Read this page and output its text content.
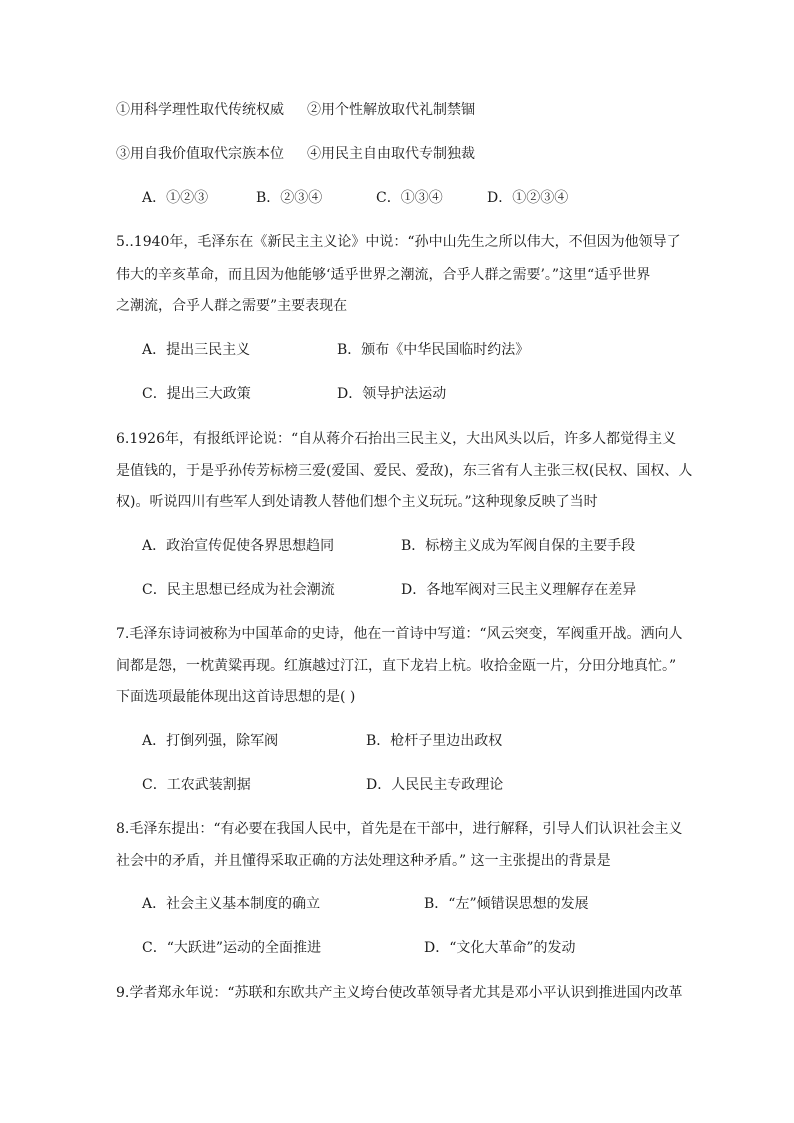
①用科学理性取代传统权威 ②用个性解放取代礼制禁锢
③用自我价值取代宗族本位 ④用民主自由取代专制独裁
A．①②③	B．②③④	C．①③④	D．①②③④
5..1940年，毛泽东在《新民主主义论》中说：“孙中山先生之所以伟大，不但因为他领导了
伟大的辛亥革命，而且因为他能够‘适乎世界之潮流，合乎人群之需要’。”这里“适乎世界
之潮流，合乎人群之需要”主要表现在
A．提出三民主义	B．颁布《中华民国临时约法》
C．提出三大政策	D．领导护法运动
6.1926年，有报纸评论说：“自从蒋介石抬出三民主义，大出风头以后，许多人都觉得主义
是值钱的，于是乎孙传芳标榜三爱(爱国、爱民、爱敌)，东三省有人主张三权(民权、国权、人
权)。听说四川有些军人到处请教人替他们想个主义玩玩。”这种现象反映了当时
A．政治宣传促使各界思想趋同	B．标榜主义成为军阀自保的主要手段
C．民主思想已经成为社会潮流	D．各地军阀对三民主义理解存在差异
7.毛泽东诗词被称为中国革命的史诗，他在一首诗中写道：“风云突变，军阀重开战。洒向人
间都是怨，一枕黄粱再现。红旗越过汀江，直下龙岩上杭。收拾金瓯一片，分田分地真忙。”
下面选项最能体现出这首诗思想的是( )
A．打倒列强，除军阀	B．枪杆子里边出政权
C．工农武装割据	D．人民民主专政理论
8.毛泽东提出：“有必要在我国人民中，首先是在干部中，进行解释，引导人们认识社会主义
社会中的矛盾，并且懂得采取正确的方法处理这种矛盾。” 这一主张提出的背景是
A．社会主义基本制度的确立	B．“左”倾错误思想的发展
C．“大跃进”运动的全面推进	D．“文化大革命”的发动
9.学者郑永年说：“苏联和东欧共产主义垮台使改革领导者尤其是邓小平认识到推进国内改革
